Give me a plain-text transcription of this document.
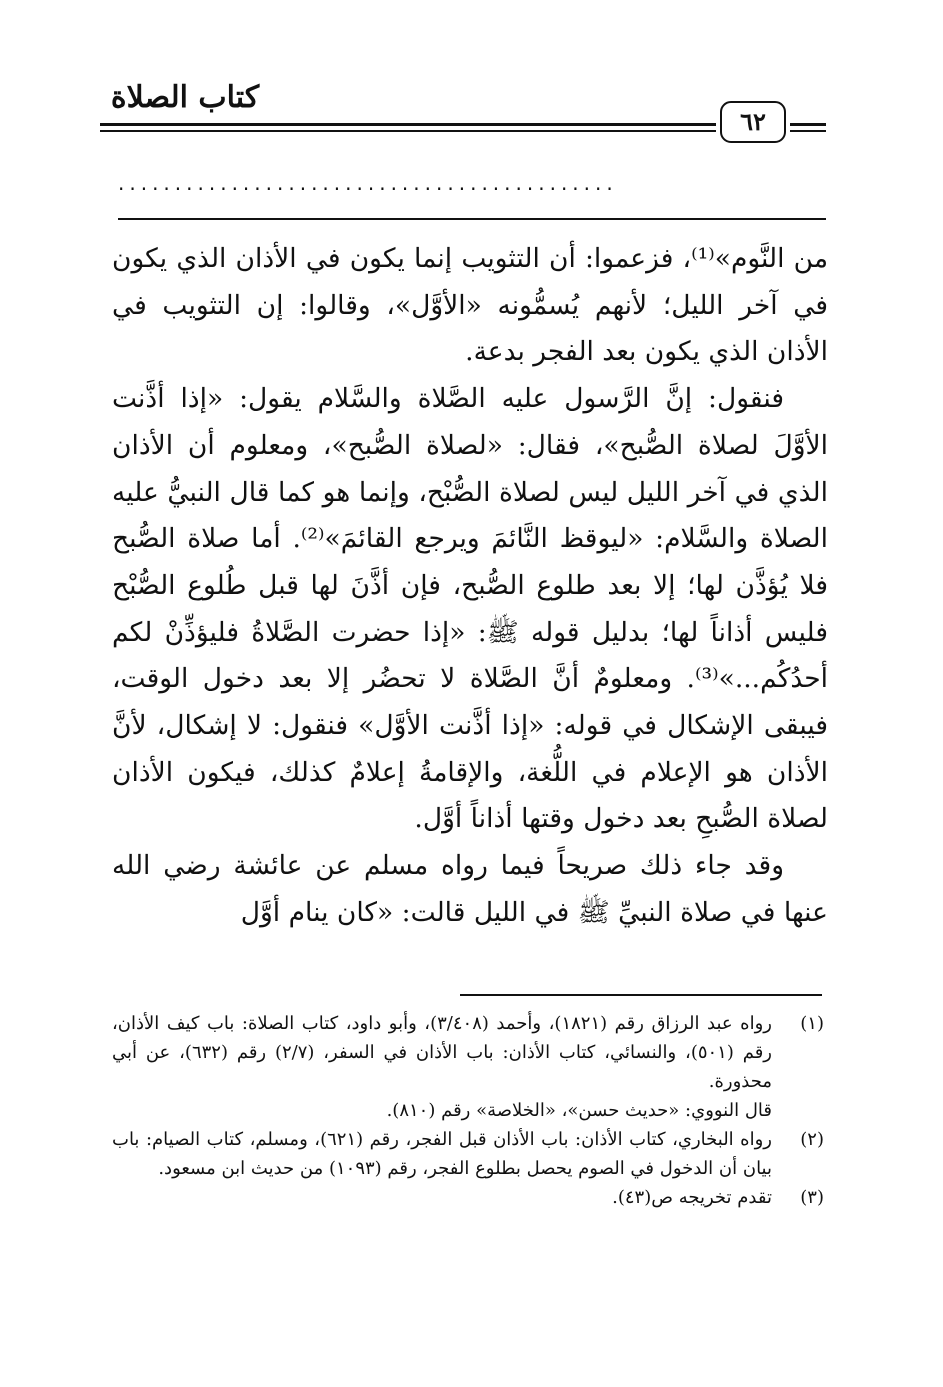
كتاب الصلاة
٦٢
............................................

من النَّوم»⁽¹⁾، فزعموا: أن التثويب إنما يكون في الأذان الذي يكون في آخر الليل؛ لأنهم يُسمُّونه «الأوَّل»، وقالوا: إن التثويب في الأذان الذي يكون بعد الفجر بدعة.

فنقول: إنَّ الرَّسول عليه الصَّلاة والسَّلام يقول: «إذا أذَّنت الأوَّلَ لصلاة الصُّبح»، فقال: «لصلاة الصُّبح»، ومعلوم أن الأذان الذي في آخر الليل ليس لصلاة الصُّبْح، وإنما هو كما قال النبيُّ عليه الصلاة والسَّلام: «ليوقظ النَّائمَ ويرجع القائمَ»⁽²⁾. أما صلاة الصُّبح فلا يُؤذَّن لها؛ إلا بعد طلوع الصُّبح، فإن أذَّنَ لها قبل طُلوع الصُّبْح فليس أذاناً لها؛ بدليل قوله ﷺ: «إذا حضرت الصَّلاةُ فليؤذِّنْ لكم أحدُكُم...»⁽³⁾. ومعلومٌ أنَّ الصَّلاة لا تحضُر إلا بعد دخول الوقت، فيبقى الإشكال في قوله: «إذا أذَّنت الأوَّل» فنقول: لا إشكال، لأنَّ الأذان هو الإعلام في اللُّغة، والإقامةُ إعلامٌ كذلك، فيكون الأذان لصلاة الصُّبحِ بعد دخول وقتها أذاناً أوَّل.

وقد جاء ذلك صريحاً فيما رواه مسلم عن عائشة رضي الله عنها في صلاة النبيِّ ﷺ في الليل قالت: «كان ينام أوَّل

(١)
رواه عبد الرزاق رقم (١٨٢١)، وأحمد (٣/٤٠٨)، وأبو داود، كتاب الصلاة: باب كيف الأذان، رقم (٥٠١)، والنسائي، كتاب الأذان: باب الأذان في السفر، (٢/٧) رقم (٦٣٢)، عن أبي محذورة.

قال النووي: «حديث حسن»، «الخلاصة» رقم (٨١٠).

(٢)
رواه البخاري، كتاب الأذان: باب الأذان قبل الفجر، رقم (٦٢١)، ومسلم، كتاب الصيام: باب بيان أن الدخول في الصوم يحصل بطلوع الفجر، رقم (١٠٩٣) من حديث ابن مسعود.
(٣)
تقدم تخريجه ص(٤٣).
